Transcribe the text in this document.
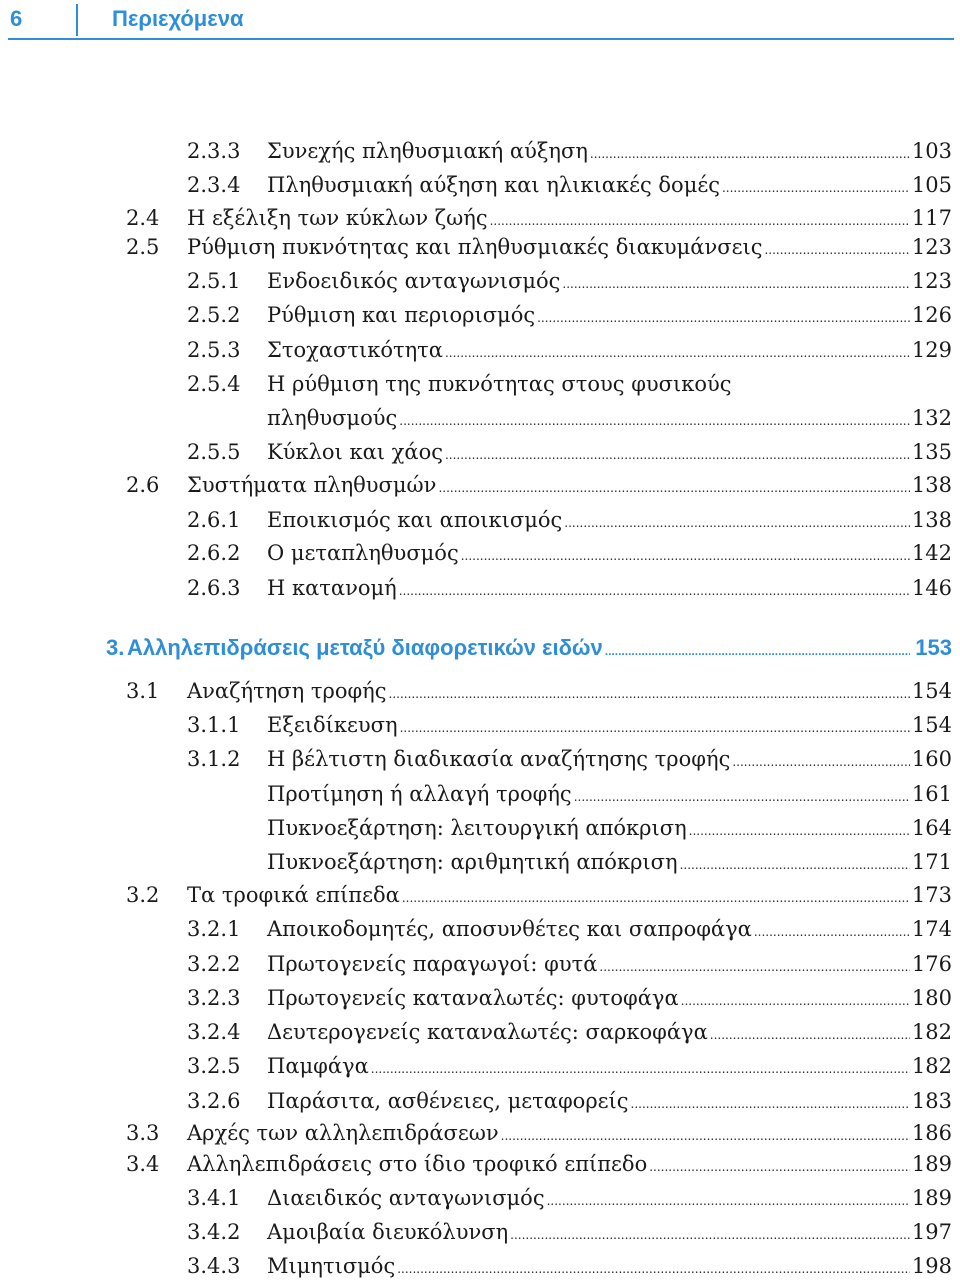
6	Περιεχόμενα
2.3.3 Συνεχής πληθυσμιακή αύξηση .....	103
2.3.4 Πληθυσμιακή αύξηση και ηλικιακές δομές .....	105
2.4 Η εξέλιξη των κύκλων ζωής .....	117
2.5 Ρύθμιση πυκνότητας και πληθυσμιακές διακυμάνσεις .....	123
2.5.1 Ενδοειδικός ανταγωνισμός .....	123
2.5.2 Ρύθμιση και περιορισμός .....	126
2.5.3 Στοχαστικότητα .....	129
2.5.4 Η ρύθμιση της πυκνότητας στους φυσικούς
πληθυσμούς .....	132
2.5.5 Κύκλοι και χάος .....	135
2.6 Συστήματα πληθυσμών .....	138
2.6.1 Εποικισμός και αποικισμός .....	138
2.6.2 Ο μεταπληθυσμός .....	142
2.6.3 Η κατανομή .....	146
3. Αλληλεπιδράσεις μεταξύ διαφορετικών ειδών .....	153
3.1 Αναζήτηση τροφής .....	154
3.1.1 Εξειδίκευση .....	154
3.1.2 Η βέλτιστη διαδικασία αναζήτησης τροφής .....	160
Προτίμηση ή αλλαγή τροφής .....	161
Πυκνοεξάρτηση: λειτουργική απόκριση .....	164
Πυκνοεξάρτηση: αριθμητική απόκριση .....	171
3.2 Τα τροφικά επίπεδα .....	173
3.2.1 Αποικοδομητές, αποσυνθέτες και σαπροφάγα .....	174
3.2.2 Πρωτογενείς παραγωγοί: φυτά .....	176
3.2.3 Πρωτογενείς καταναλωτές: φυτοφάγα .....	180
3.2.4 Δευτερογενείς καταναλωτές: σαρκοφάγα .....	182
3.2.5 Παμφάγα .....	182
3.2.6 Παράσιτα, ασθένειες, μεταφορείς .....	183
3.3 Αρχές των αλληλεπιδράσεων .....	186
3.4 Αλληλεπιδράσεις στο ίδιο τροφικό επίπεδο .....	189
3.4.1 Διαειδικός ανταγωνισμός .....	189
3.4.2 Αμοιβαία διευκόλυνση .....	197
3.4.3 Μιμητισμός .....	198
